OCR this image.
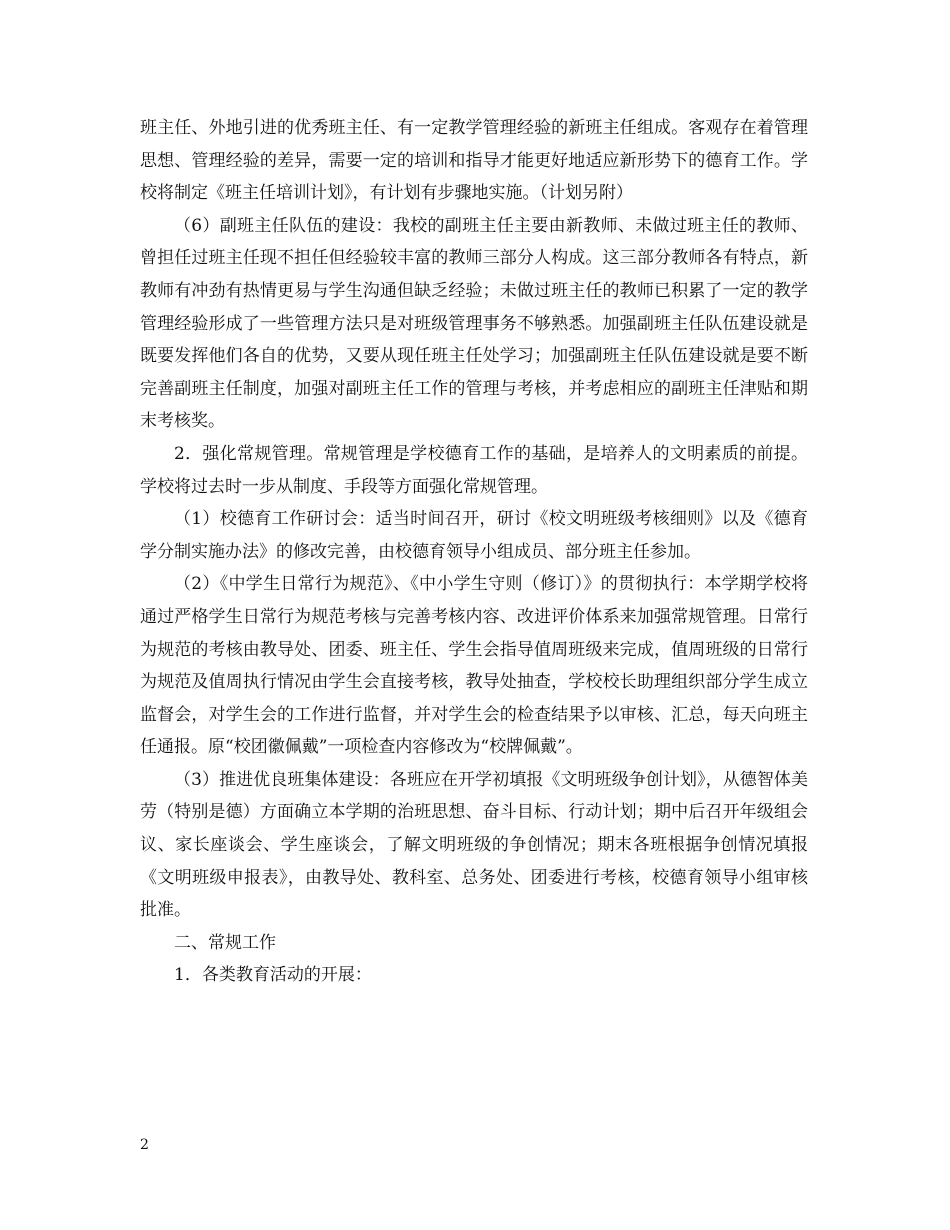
班主任、外地引进的优秀班主任、有一定教学管理经验的新班主任组成。客观存在着管理思想、管理经验的差异，需要一定的培训和指导才能更好地适应新形势下的德育工作。学校将制定《班主任培训计划》，有计划有步骤地实施。（计划另附）

（6）副班主任队伍的建设：我校的副班主任主要由新教师、未做过班主任的教师、曾担任过班主任现不担任但经验较丰富的教师三部分人构成。这三部分教师各有特点，新教师有冲劲有热情更易与学生沟通但缺乏经验；未做过班主任的教师已积累了一定的教学管理经验形成了一些管理方法只是对班级管理事务不够熟悉。加强副班主任队伍建设就是既要发挥他们各自的优势，又要从现任班主任处学习；加强副班主任队伍建设就是要不断完善副班主任制度，加强对副班主任工作的管理与考核，并考虑相应的副班主任津贴和期末考核奖。

2．强化常规管理。常规管理是学校德育工作的基础，是培养人的文明素质的前提。学校将过去时一步从制度、手段等方面强化常规管理。

（1）校德育工作研讨会：适当时间召开，研讨《校文明班级考核细则》以及《德育学分制实施办法》的修改完善，由校德育领导小组成员、部分班主任参加。

（2）《中学生日常行为规范》、《中小学生守则（修订）》的贯彻执行：本学期学校将通过严格学生日常行为规范考核与完善考核内容、改进评价体系来加强常规管理。日常行为规范的考核由教导处、团委、班主任、学生会指导值周班级来完成，值周班级的日常行为规范及值周执行情况由学生会直接考核，教导处抽查，学校校长助理组织部分学生成立监督会，对学生会的工作进行监督，并对学生会的检查结果予以审核、汇总，每天向班主任通报。原“校团徽佩戴”一项检查内容修改为“校牌佩戴”。

（3）推进优良班集体建设：各班应在开学初填报《文明班级争创计划》，从德智体美劳（特别是德）方面确立本学期的治班思想、奋斗目标、行动计划；期中后召开年级组会议、家长座谈会、学生座谈会，了解文明班级的争创情况；期末各班根据争创情况填报《文明班级申报表》，由教导处、教科室、总务处、团委进行考核，校德育领导小组审核批准。

二、常规工作

1．各类教育活动的开展：

2
